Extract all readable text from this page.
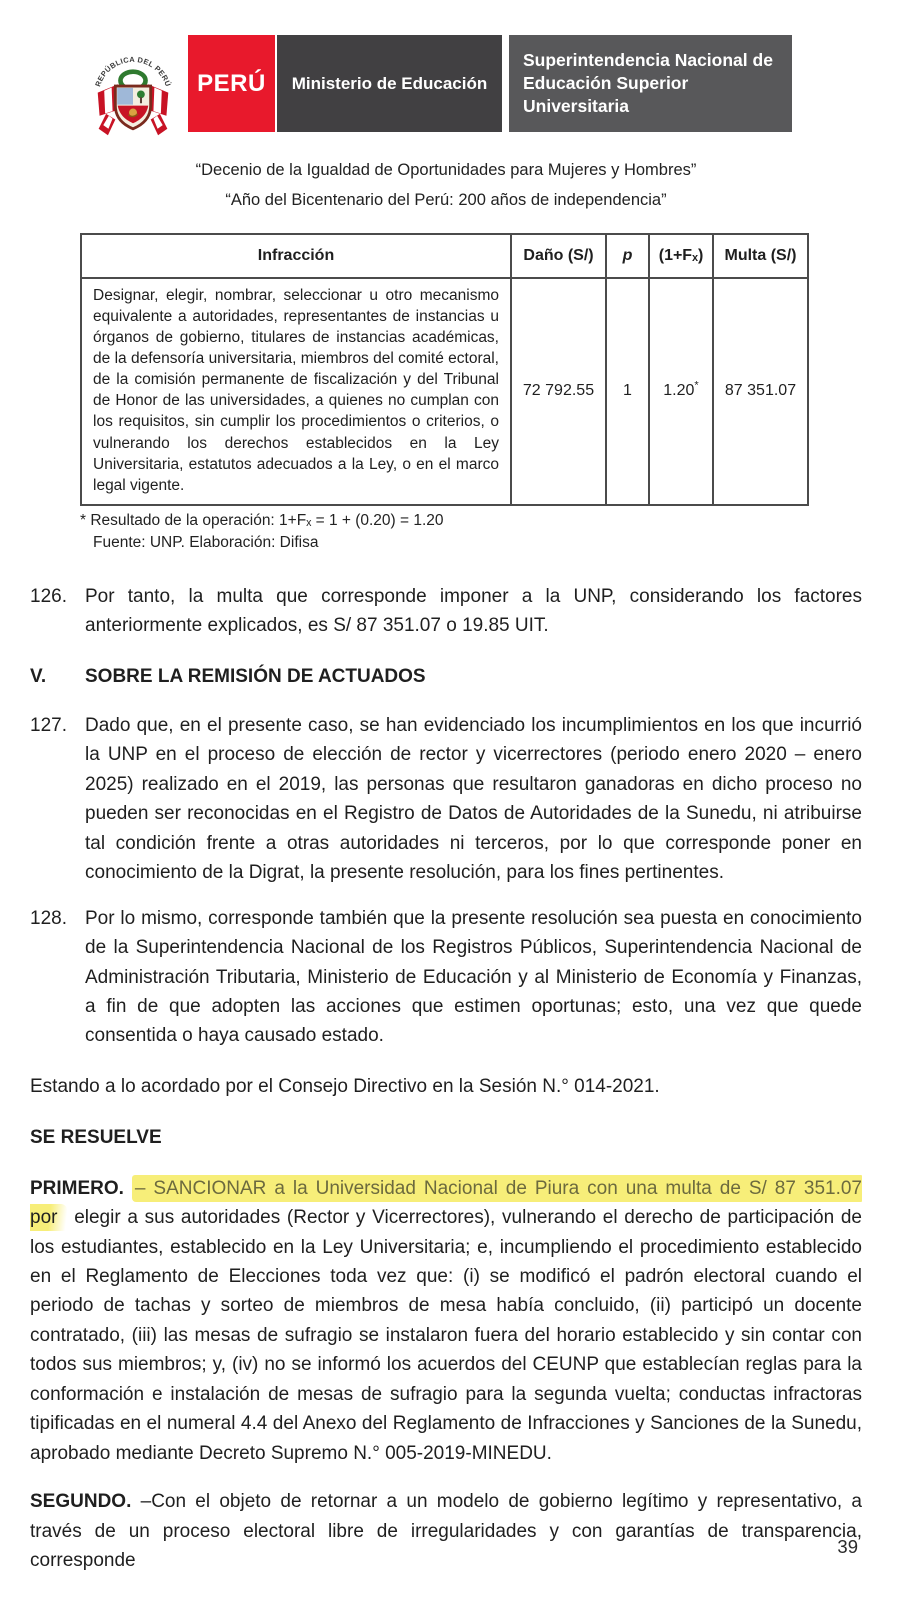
REPÚBLICA DEL PERÚ	PERÚ	Ministerio de Educación
Superintendencia Nacional de
Educación Superior Universitaria
“Decenio de la Igualdad de Oportunidades para Mujeres y Hombres”
“Año del Bicentenario del Perú: 200 años de independencia”
Infracción	Daño (S/)	p	(1+Fₓ)	Multa (S/)
Designar, elegir, nombrar, seleccionar u otro mecanismo equivalente a autoridades, representantes de instancias u órganos de gobierno, titulares de instancias académicas, de la defensoría universitaria, miembros del comité ectoral, de la comisión permanente de fiscalización y del Tribunal de Honor de las universidades, a quienes no cumplan con los requisitos, sin cumplir los procedimientos o criterios, o vulnerando los derechos establecidos en la Ley Universitaria, estatutos adecuados a la Ley, o en el marco legal vigente.	72 792.55	1	1.20*	87 351.07
* Resultado de la operación: 1+Fₓ = 1 + (0.20) = 1.20
Fuente: UNP. Elaboración: Difisa
126. Por tanto, la multa que corresponde imponer a la UNP, considerando los factores anteriormente explicados, es S/ 87 351.07 o 19.85 UIT.
V.	SOBRE LA REMISIÓN DE ACTUADOS
127. Dado que, en el presente caso, se han evidenciado los incumplimientos en los que incurrió la UNP en el proceso de elección de rector y vicerrectores (periodo enero 2020 – enero 2025) realizado en el 2019, las personas que resultaron ganadoras en dicho proceso no pueden ser reconocidas en el Registro de Datos de Autoridades de la Sunedu, ni atribuirse tal condición frente a otras autoridades ni terceros, por lo que corresponde poner en conocimiento de la Digrat, la presente resolución, para los fines pertinentes.
128. Por lo mismo, corresponde también que la presente resolución sea puesta en conocimiento de la Superintendencia Nacional de los Registros Públicos, Superintendencia Nacional de Administración Tributaria, Ministerio de Educación y al Ministerio de Economía y Finanzas, a fin de que adopten las acciones que estimen oportunas; esto, una vez que quede consentida o haya causado estado.

Estando a lo acordado por el Consejo Directivo en la Sesión N.° 014-2021.

SE RESUELVE

PRIMERO. – SANCIONAR a la Universidad Nacional de Piura con una multa de S/ 87 351.07 por elegir a sus autoridades (Rector y Vicerrectores), vulnerando el derecho de participación de los estudiantes, establecido en la Ley Universitaria; e, incumpliendo el procedimiento establecido en el Reglamento de Elecciones toda vez que: (i) se modificó el padrón electoral cuando el periodo de tachas y sorteo de miembros de mesa había concluido, (ii) participó un docente contratado, (iii) las mesas de sufragio se instalaron fuera del horario establecido y sin contar con todos sus miembros; y, (iv) no se informó los acuerdos del CEUNP que establecían reglas para la conformación e instalación de mesas de sufragio para la segunda vuelta; conductas infractoras tipificadas en el numeral 4.4 del Anexo del Reglamento de Infracciones y Sanciones de la Sunedu, aprobado mediante Decreto Supremo N.° 005-2019-MINEDU.

SEGUNDO. –Con el objeto de retornar a un modelo de gobierno legítimo y representativo, a través de un proceso electoral libre de irregularidades y con garantías de transparencia, corresponde

39
